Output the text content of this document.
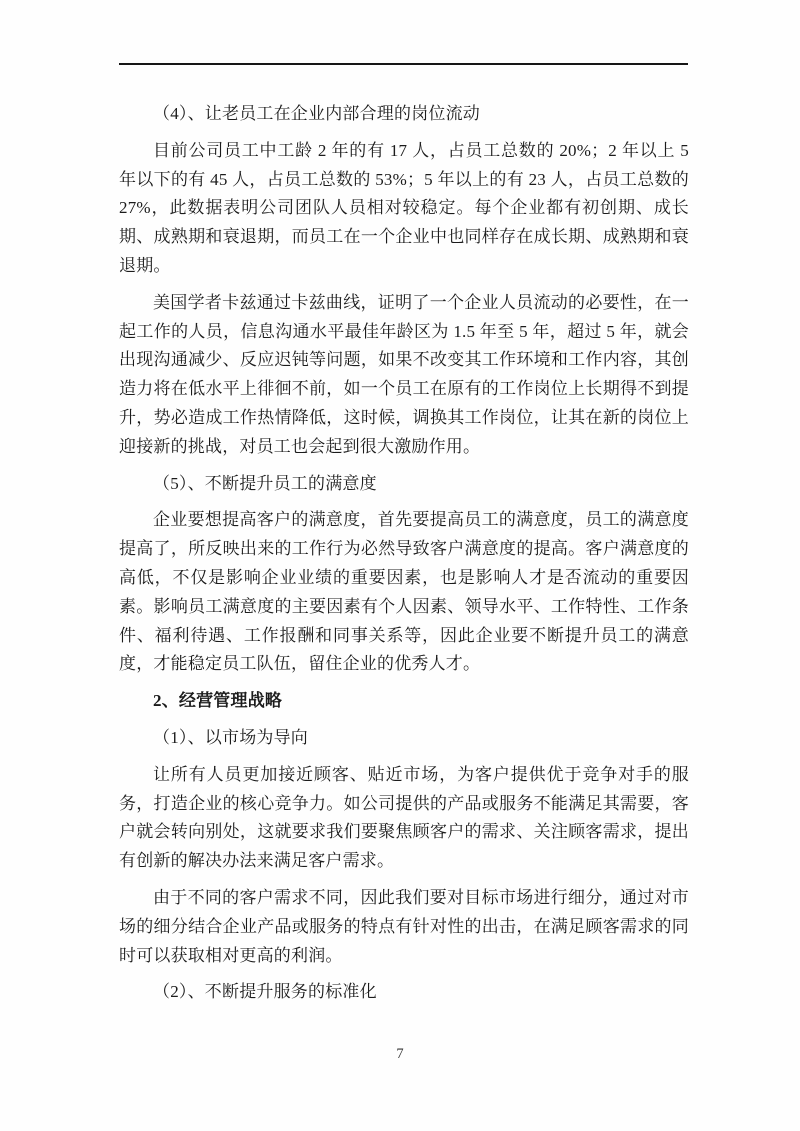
（4）、让老员工在企业内部合理的岗位流动
目前公司员工中工龄 2 年的有 17 人，占员工总数的 20%；2 年以上 5 年以下的有 45 人，占员工总数的 53%；5 年以上的有 23 人，占员工总数的 27%，此数据表明公司团队人员相对较稳定。每个企业都有初创期、成长期、成熟期和衰退期，而员工在一个企业中也同样存在成长期、成熟期和衰退期。
美国学者卡兹通过卡兹曲线，证明了一个企业人员流动的必要性，在一起工作的人员，信息沟通水平最佳年龄区为 1.5 年至 5 年，超过 5 年，就会出现沟通减少、反应迟钝等问题，如果不改变其工作环境和工作内容，其创造力将在低水平上徘徊不前，如一个员工在原有的工作岗位上长期得不到提升，势必造成工作热情降低，这时候，调换其工作岗位，让其在新的岗位上迎接新的挑战，对员工也会起到很大激励作用。
（5）、不断提升员工的满意度
企业要想提高客户的满意度，首先要提高员工的满意度，员工的满意度提高了，所反映出来的工作行为必然导致客户满意度的提高。客户满意度的高低，不仅是影响企业业绩的重要因素，也是影响人才是否流动的重要因素。影响员工满意度的主要因素有个人因素、领导水平、工作特性、工作条件、福利待遇、工作报酬和同事关系等，因此企业要不断提升员工的满意度，才能稳定员工队伍，留住企业的优秀人才。
2、经营管理战略
（1）、以市场为导向
让所有人员更加接近顾客、贴近市场，为客户提供优于竞争对手的服务，打造企业的核心竞争力。如公司提供的产品或服务不能满足其需要，客户就会转向别处，这就要求我们要聚焦顾客户的需求、关注顾客需求，提出有创新的解决办法来满足客户需求。
由于不同的客户需求不同，因此我们要对目标市场进行细分，通过对市场的细分结合企业产品或服务的特点有针对性的出击，在满足顾客需求的同时可以获取相对更高的利润。
（2）、不断提升服务的标准化
7
